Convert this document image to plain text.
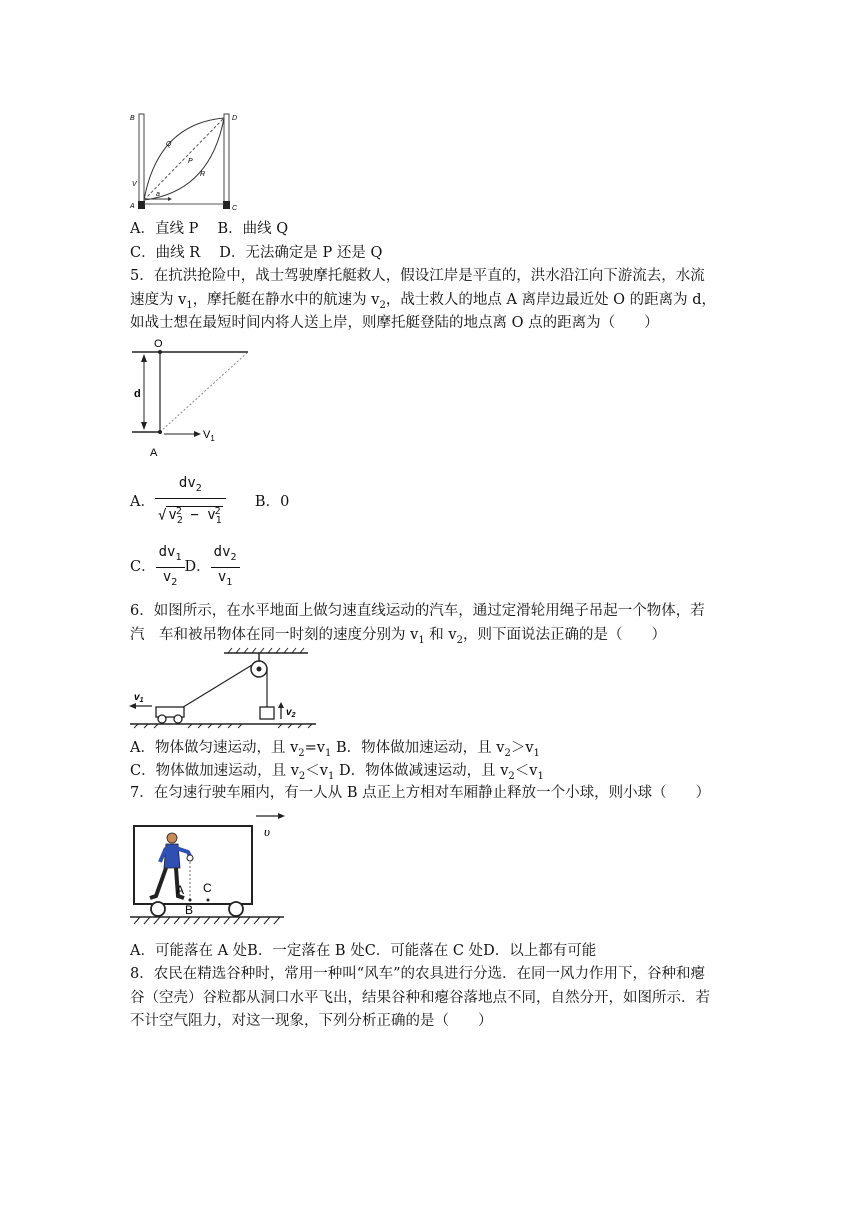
B	D
Q
P
R
V
A
a
C
A．直线 P　 B．曲线 Q
C．曲线 R　 D．无法确定是 P 还是 Q
5．在抗洪抢险中，战士驾驶摩托艇救人，假设江岸是平直的，洪水沿江向下游流去，水流
速度为 $v_1$，摩托艇在静水中的航速为 $v_2$，战士救人的地点 A 离岸边最近处 O 的距离为 d，
如战士想在最短时间内将人送上岸，则摩托艇登陆的地点离 O 点的距离为（　　）
O
d
A
$V_1$
A． $\frac{dv_2}{√ v_2^2 - v_1^2}$ B．0
C． $\frac{dv_1}{v_2}$ D． $\frac{dv_2}{v_1}$
6．如图所示，在水平地面上做匀速直线运动的汽车，通过定滑轮用绳子吊起一个物体，若
汽　车和被吊物体在同一时刻的速度分别为 $v_1$ 和 $v_2$，则下面说法正确的是（　　）
$v_1$
$v_2$
A．物体做匀速运动，且 $v_2=v_1$ B．物体做加速运动，且 $v_2>v_1$
C．物体做加速运动，且 $v_2<v_1$ D．物体做减速运动，且 $v_2<v_1$
7．在匀速行驶车厢内，有一人从 B 点正上方相对车厢静止释放一个小球，则小球（　　）
υ
A
B
C
A．可能落在 A 处B．一定落在 B 处C．可能落在 C 处D．以上都有可能
8．农民在精选谷种时，常用一种叫“风车”的农具进行分选．在同一风力作用下，谷种和瘪
谷（空壳）谷粒都从洞口水平飞出，结果谷种和瘪谷落地点不同，自然分开，如图所示．若
不计空气阻力，对这一现象，下列分析正确的是（　　）
